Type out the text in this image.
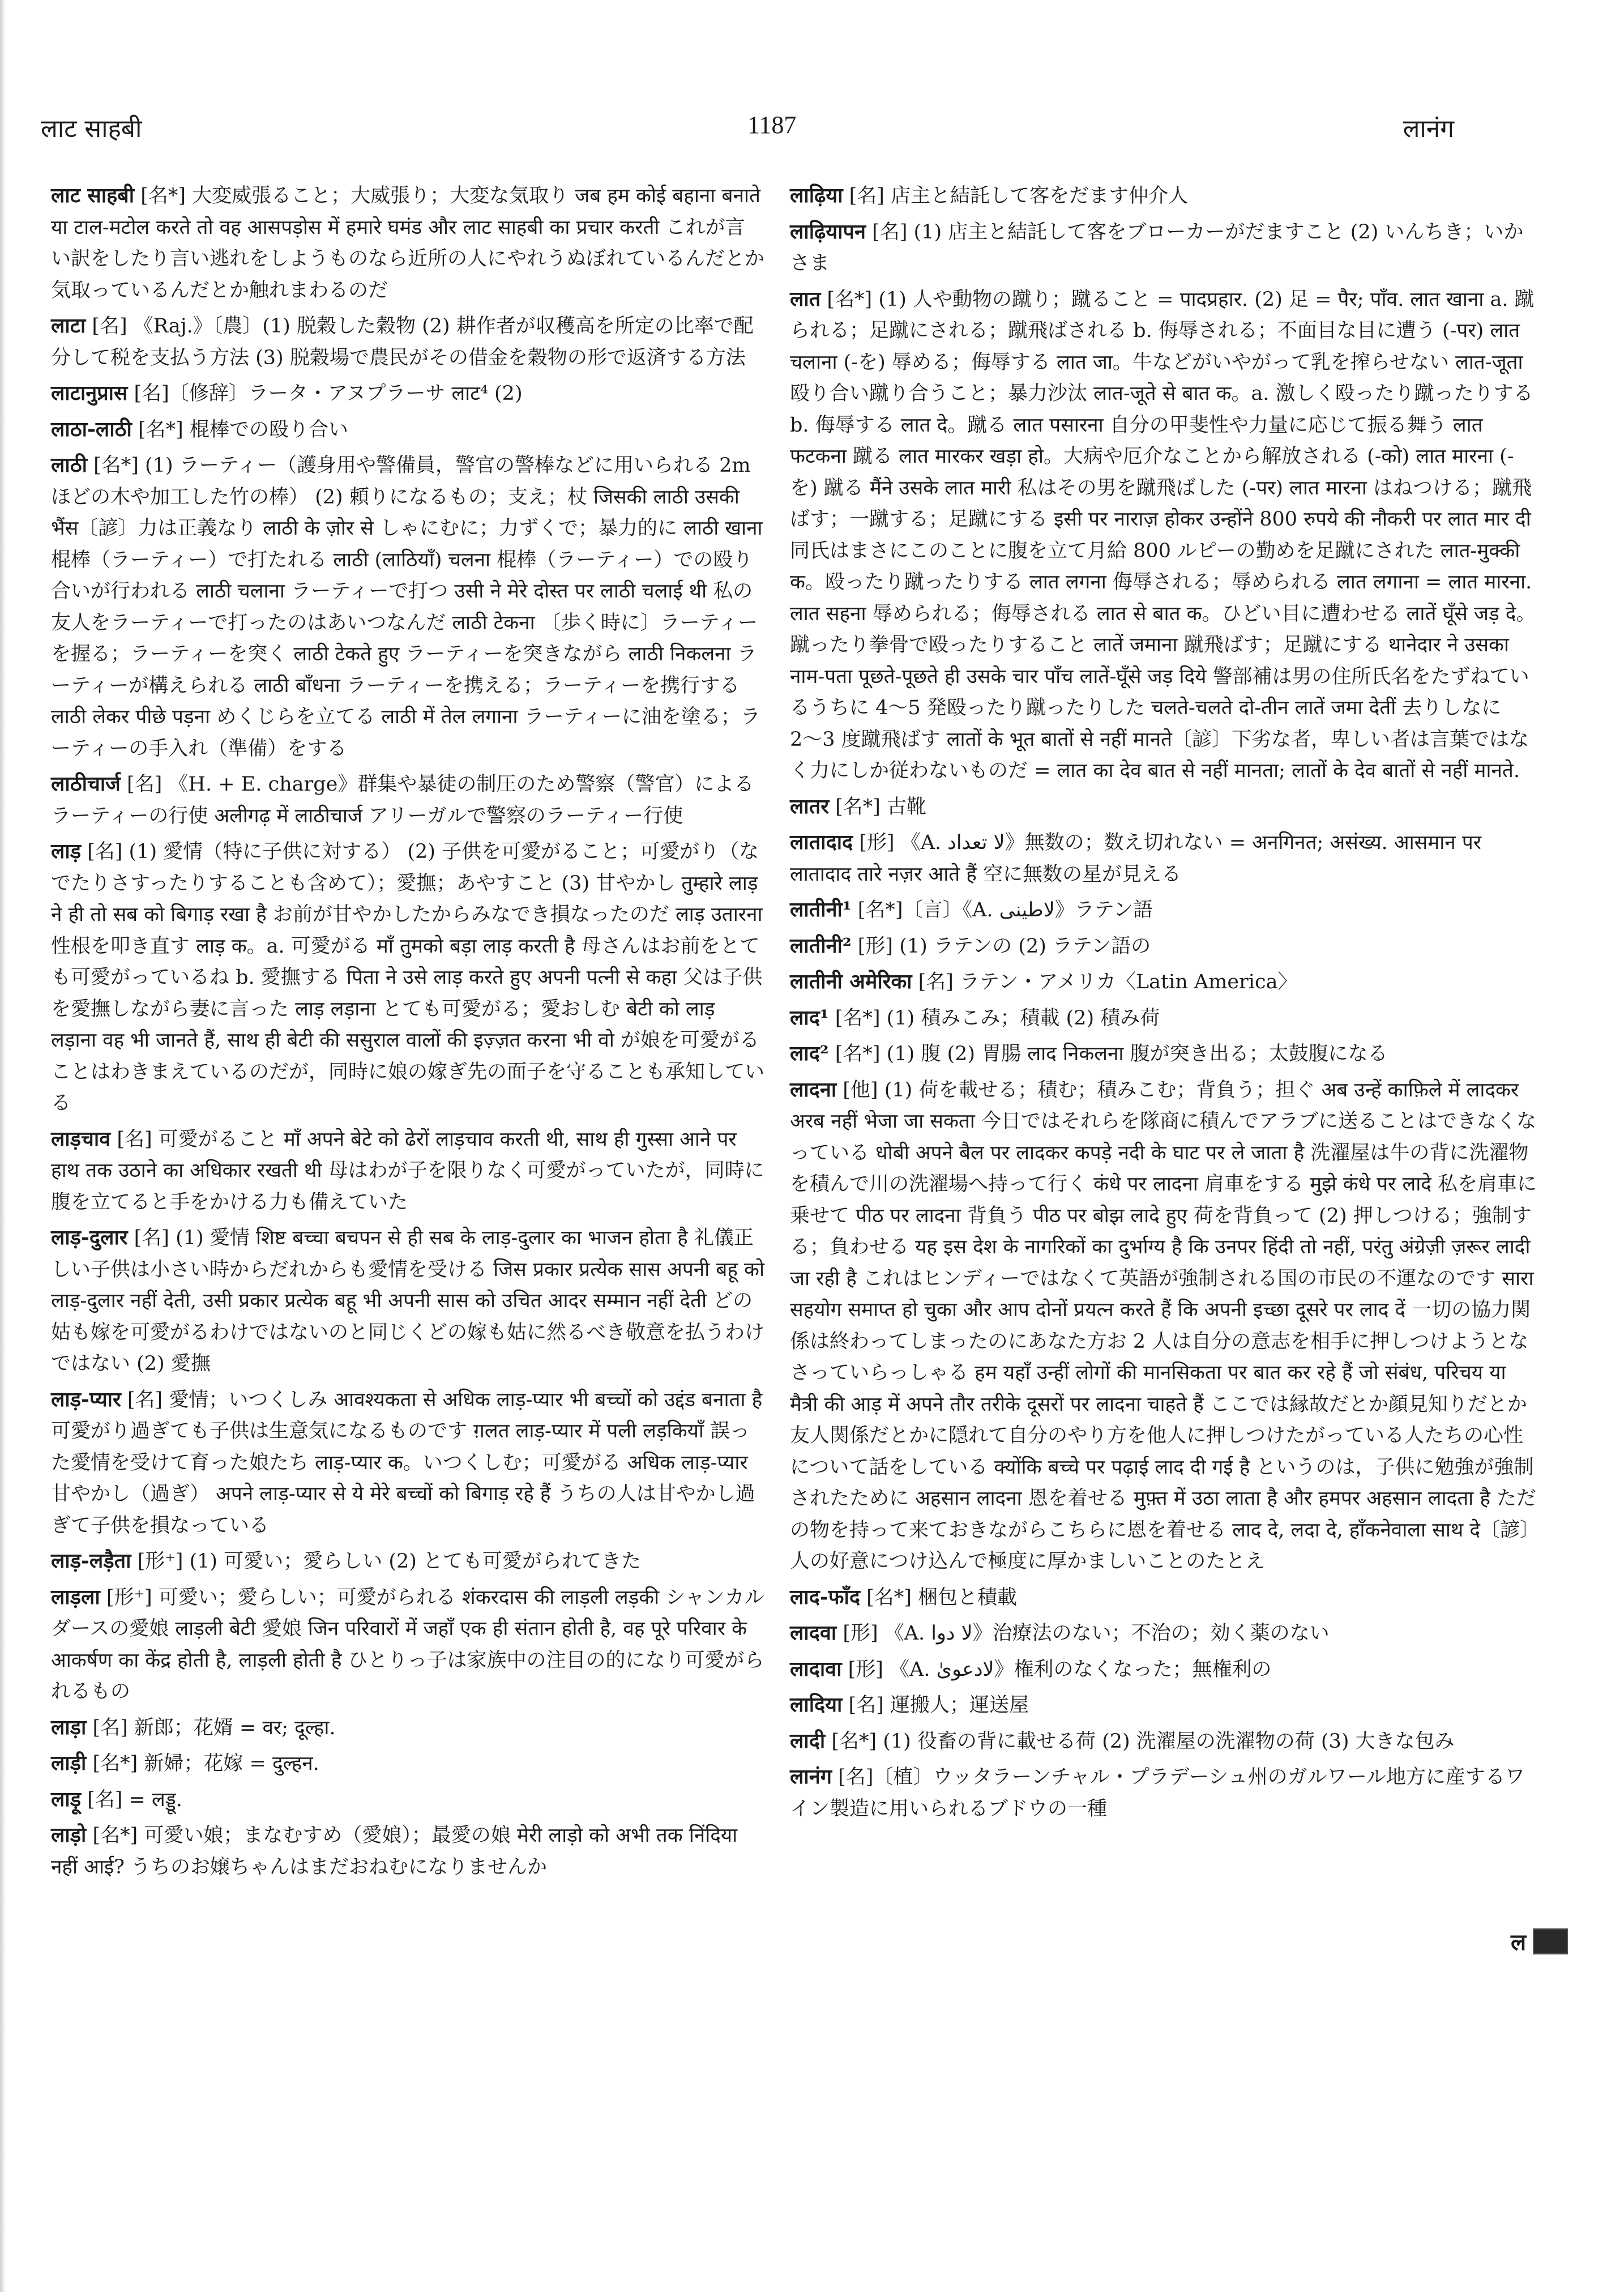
लाट साहबी	1187	लानंग

लाट साहबी [名*] 大変威張ること；大威張り；大変な気取り जब हम कोई बहाना बनाते या टाल-मटोल करते तो वह आसपड़ोस में हमारे घमंड और लाट साहबी का प्रचार करती これが言い訳をしたり言い逃れをしようものなら近所の人にやれうぬぼれているんだとか気取っているんだとか触れまわるのだ

लाटा [名] 《Raj.》〔農〕(1) 脱穀した穀物 (2) 耕作者が収穫高を所定の比率で配分して税を支払う方法 (3) 脱穀場で農民がその借金を穀物の形で返済する方法

लाटानुप्रास [名]〔修辞〕ラータ・アヌプラーサ लाट⁴ (2)

लाठा-लाठी [名*] 棍棒での殴り合い

लाठी [名*] (1) ラーティー（護身用や警備員，警官の警棒などに用いられる 2m ほどの木や加工した竹の棒） (2) 頼りになるもの；支え；杖 जिसकी लाठी उसकी भैंस〔諺〕力は正義なり लाठी के ज़ोर से しゃにむに；力ずくで；暴力的に लाठी खाना 棍棒（ラーティー）で打たれる लाठी (लाठियाँ) चलना 棍棒（ラーティー）での殴り合いが行われる लाठी चलाना ラーティーで打つ उसी ने मेरे दोस्त पर लाठी चलाई थी 私の友人をラーティーで打ったのはあいつなんだ लाठी टेकना 〔歩く時に〕ラーティーを握る；ラーティーを突く लाठी टेकते हुए ラーティーを突きながら लाठी निकलना ラーティーが構えられる लाठी बाँधना ラーティーを携える；ラーティーを携行する लाठी लेकर पीछे पड़ना めくじらを立てる लाठी में तेल लगाना ラーティーに油を塗る；ラーティーの手入れ（準備）をする

लाठीचार्ज [名] 《H. + E. charge》群集や暴徒の制圧のため警察（警官）によるラーティーの行使 अलीगढ़ में लाठीचार्ज アリーガルで警察のラーティー行使

लाड़ [名] (1) 愛情（特に子供に対する） (2) 子供を可愛がること；可愛がり（なでたりさすったりすることも含めて）；愛撫；あやすこと (3) 甘やかし तुम्हारे लाड़ ने ही तो सब को बिगाड़ रखा है お前が甘やかしたからみなでき損なったのだ लाड़ उतारना 性根を叩き直す लाड़ क。a. 可愛がる माँ तुमको बड़ा लाड़ करती है 母さんはお前をとても可愛がっているね b. 愛撫する पिता ने उसे लाड़ करते हुए अपनी पत्नी से कहा 父は子供を愛撫しながら妻に言った लाड़ लड़ाना とても可愛がる；愛おしむ बेटी को लाड़ लड़ाना वह भी जानते हैं, साथ ही बेटी की ससुराल वालों की इज़्ज़त करना भी वो が娘を可愛がることはわきまえているのだが，同時に娘の嫁ぎ先の面子を守ることも承知している

लाड़चाव [名] 可愛がること माँ अपने बेटे को ढेरों लाड़चाव करती थी, साथ ही गुस्सा आने पर हाथ तक उठाने का अधिकार रखती थी 母はわが子を限りなく可愛がっていたが，同時に腹を立てると手をかける力も備えていた

लाड़-दुलार [名] (1) 愛情 शिष्ट बच्चा बचपन से ही सब के लाड़-दुलार का भाजन होता है 礼儀正しい子供は小さい時からだれからも愛情を受ける जिस प्रकार प्रत्येक सास अपनी बहू को लाड़-दुलार नहीं देती, उसी प्रकार प्रत्येक बहू भी अपनी सास को उचित आदर सम्मान नहीं देती どの姑も嫁を可愛がるわけではないのと同じくどの嫁も姑に然るべき敬意を払うわけではない (2) 愛撫

लाड़-प्यार [名] 愛情；いつくしみ आवश्यकता से अधिक लाड़-प्यार भी बच्चों को उद्दंड बनाता है 可愛がり過ぎても子供は生意気になるものです ग़लत लाड़-प्यार में पली लड़कियाँ 誤った愛情を受けて育った娘たち लाड़-प्यार क。いつくしむ；可愛がる अधिक लाड़-प्यार 甘やかし（過ぎ） अपने लाड़-प्यार से ये मेरे बच्चों को बिगाड़ रहे हैं うちの人は甘やかし過ぎて子供を損なっている

लाड़-लड़ैता [形⁺] (1) 可愛い；愛らしい (2) とても可愛がられてきた

लाड़ला [形⁺] 可愛い；愛らしい；可愛がられる शंकरदास की लाड़ली लड़की シャンカルダースの愛娘 लाड़ली बेटी 愛娘 जिन परिवारों में जहाँ एक ही संतान होती है, वह पूरे परिवार के आकर्षण का केंद्र होती है, लाड़ली होती है ひとりっ子は家族中の注目の的になり可愛がられるもの

लाड़ा [名] 新郎；花婿 = वर; दूल्हा.

लाड़ी [名*] 新婦；花嫁 = दुल्हन.

लाड़ू [名] = लड्डू.

लाड़ो [名*] 可愛い娘；まなむすめ（愛娘）；最愛の娘 मेरी लाड़ो को अभी तक निंदिया नहीं आई? うちのお嬢ちゃんはまだおねむになりませんか

लाढ़िया [名] 店主と結託して客をだます仲介人

लाढ़ियापन [名] (1) 店主と結託して客をブローカーがだますこと (2) いんちき；いかさま

लात [名*] (1) 人や動物の蹴り；蹴ること = पादप्रहार. (2) 足 = पैर; पाँव. लात खाना a. 蹴られる；足蹴にされる；蹴飛ばされる b. 侮辱される；不面目な目に遭う (-पर) लात चलाना (-を) 辱める；侮辱する लात जा。牛などがいやがって乳を搾らせない लात-जूता 殴り合い蹴り合うこと；暴力沙汰 लात-जूते से बात क。a. 激しく殴ったり蹴ったりする b. 侮辱する लात दे。蹴る लात पसारना 自分の甲斐性や力量に応じて振る舞う लात फटकना 蹴る लात मारकर खड़ा हो。大病や厄介なことから解放される (-को) लात मारना (-を) 蹴る मैंने उसके लात मारी 私はその男を蹴飛ばした (-पर) लात मारना はねつける；蹴飛ばす；一蹴する；足蹴にする इसी पर नाराज़ होकर उन्होंने 800 रुपये की नौकरी पर लात मार दी 同氏はまさにこのことに腹を立て月給 800 ルピーの勤めを足蹴にされた लात-मुक्की क。殴ったり蹴ったりする लात लगना 侮辱される；辱められる लात लगाना = लात मारना. लात सहना 辱められる；侮辱される लात से बात क。ひどい目に遭わせる लातें घूँसे जड़ दे。蹴ったり拳骨で殴ったりすること लातें जमाना 蹴飛ばす；足蹴にする थानेदार ने उसका नाम-पता पूछते-पूछते ही उसके चार पाँच लातें-घूँसे जड़ दिये 警部補は男の住所氏名をたずねているうちに 4〜5 発殴ったり蹴ったりした चलते-चलते दो-तीन लातें जमा देतीं 去りしなに 2〜3 度蹴飛ばす लातों के भूत बातों से नहीं मानते〔諺〕下劣な者，卑しい者は言葉ではなく力にしか従わないものだ = लात का देव बात से नहीं मानता; लातों के देव बातों से नहीं मानते.

लातर [名*] 古靴

लातादाद [形] 《A. لا تعداد》無数の；数え切れない = अनगिनत; असंख्य. आसमान पर लातादाद तारे नज़र आते हैं 空に無数の星が見える

लातीनी¹ [名*]〔言〕《A. لاطینی》ラテン語

लातीनी² [形] (1) ラテンの (2) ラテン語の

लातीनी अमेरिका [名] ラテン・アメリカ〈Latin America〉

लाद¹ [名*] (1) 積みこみ；積載 (2) 積み荷

लाद² [名*] (1) 腹 (2) 胃腸 लाद निकलना 腹が突き出る；太鼓腹になる

लादना [他] (1) 荷を載せる；積む；積みこむ；背負う；担ぐ अब उन्हें काफ़िले में लादकर अरब नहीं भेजा जा सकता 今日ではそれらを隊商に積んでアラブに送ることはできなくなっている धोबी अपने बैल पर लादकर कपड़े नदी के घाट पर ले जाता है 洗濯屋は牛の背に洗濯物を積んで川の洗濯場へ持って行く कंधे पर लादना 肩車をする मुझे कंधे पर लादे 私を肩車に乗せて पीठ पर लादना 背負う पीठ पर बोझ लादे हुए 荷を背負って (2) 押しつける；強制する；負わせる यह इस देश के नागरिकों का दुर्भाग्य है कि उनपर हिंदी तो नहीं, परंतु अंग्रेज़ी ज़रूर लादी जा रही है これはヒンディーではなくて英語が強制される国の市民の不運なのです सारा सहयोग समाप्त हो चुका और आप दोनों प्रयत्न करते हैं कि अपनी इच्छा दूसरे पर लाद दें 一切の協力関係は終わってしまったのにあなた方お 2 人は自分の意志を相手に押しつけようとなさっていらっしゃる हम यहाँ उन्हीं लोगों की मानसिकता पर बात कर रहे हैं जो संबंध, परिचय या मैत्री की आड़ में अपने तौर तरीके दूसरों पर लादना चाहते हैं ここでは縁故だとか顔見知りだとか友人関係だとかに隠れて自分のやり方を他人に押しつけたがっている人たちの心性について話をしている क्योंकि बच्चे पर पढ़ाई लाद दी गई है というのは，子供に勉強が強制されたために अहसान लादना 恩を着せる मुफ़्त में उठा लाता है और हमपर अहसान लादता है ただの物を持って来ておきながらこちらに恩を着せる लाद दे, लदा दे, हाँकनेवाला साथ दे〔諺〕人の好意につけ込んで極度に厚かましいことのたとえ

लाद-फाँद [名*] 梱包と積載

लादवा [形] 《A. لا دوا》治療法のない；不治の；効く薬のない

लादावा [形] 《A. لادعویٰ》権利のなくなった；無権利の

लादिया [名] 運搬人；運送屋

लादी [名*] (1) 役畜の背に載せる荷 (2) 洗濯屋の洗濯物の荷 (3) 大きな包み

लानंग [名]〔植〕ウッタラーンチャル・プラデーシュ州のガルワール地方に産するワイン製造に用いられるブドウの一種

ल
